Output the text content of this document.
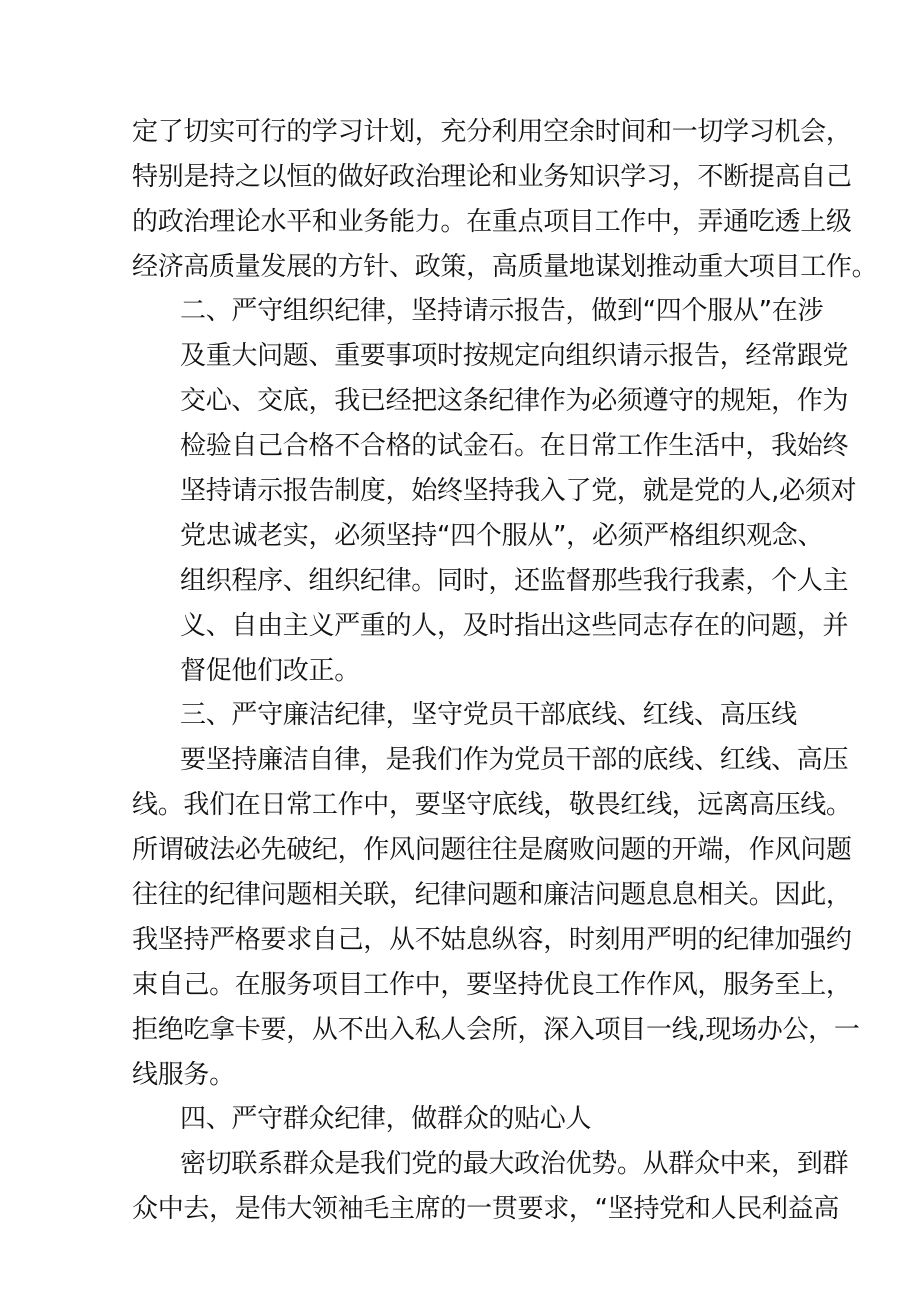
定了切实可行的学习计划，充分利用空余时间和一切学习机会，
特别是持之以恒的做好政治理论和业务知识学习，不断提高自己
的政治理论水平和业务能力。在重点项目工作中，弄通吃透上级
经济高质量发展的方针、政策，高质量地谋划推动重大项目工作。
二、严守组织纪律，坚持请示报告，做到“四个服从”在涉
及重大问题、重要事项时按规定向组织请示报告，经常跟党
交心、交底，我已经把这条纪律作为必须遵守的规矩，作为
检验自己合格不合格的试金石。在日常工作生活中，我始终
坚持请示报告制度，始终坚持我入了党，就是党的人,必须对
党忠诚老实，必须坚持“四个服从”，必须严格组织观念、
组织程序、组织纪律。同时，还监督那些我行我素，个人主
义、自由主义严重的人，及时指出这些同志存在的问题，并
督促他们改正。
三、严守廉洁纪律，坚守党员干部底线、红线、高压线
要坚持廉洁自律，是我们作为党员干部的底线、红线、高压
线。我们在日常工作中，要坚守底线，敬畏红线，远离高压线。
所谓破法必先破纪，作风问题往往是腐败问题的开端，作风问题
往往的纪律问题相关联，纪律问题和廉洁问题息息相关。因此，
我坚持严格要求自己，从不姑息纵容，时刻用严明的纪律加强约
束自己。在服务项目工作中，要坚持优良工作作风，服务至上，
拒绝吃拿卡要，从不出入私人会所，深入项目一线,现场办公，一
线服务。
四、严守群众纪律，做群众的贴心人
密切联系群众是我们党的最大政治优势。从群众中来，到群
众中去，是伟大领袖毛主席的一贯要求，“坚持党和人民利益高
